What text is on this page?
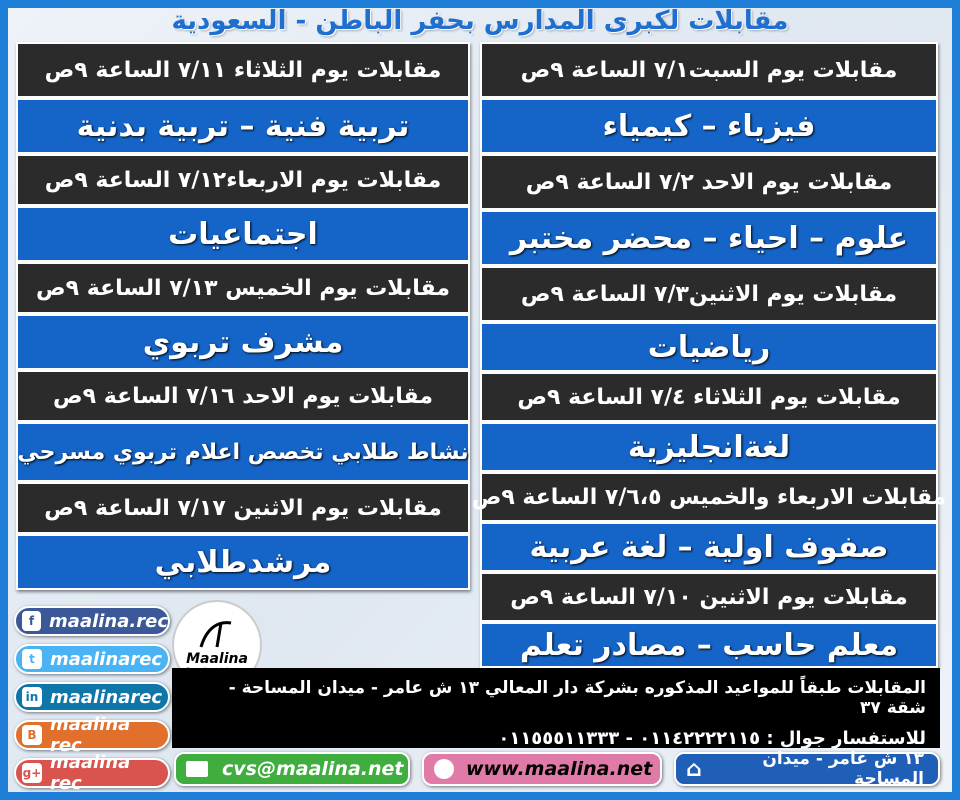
مقابلات لكبرى المدارس بحفر الباطن - السعودية
مقابلات يوم السبت٧/١ الساعة ٩ص
فيزياء – كيمياء
مقابلات يوم الاحد ٧/٢ الساعة ٩ص
علوم – احياء – محضر مختبر
مقابلات يوم الاثنين٧/٣ الساعة ٩ص
رياضيات
مقابلات يوم الثلاثاء ٧/٤ الساعة ٩ص
لغةانجليزية
مقابلات الاربعاء والخميس ٧/٦،٥ الساعة ٩ص
صفوف اولية – لغة عربية
مقابلات يوم الاثنين ٧/١٠ الساعة ٩ص
معلم حاسب – مصادر تعلم
مقابلات يوم الثلاثاء ٧/١١ الساعة ٩ص
تربية فنية – تربية بدنية
مقابلات يوم الاربعاء٧/١٢ الساعة ٩ص
اجتماعيات
مقابلات يوم الخميس ٧/١٣ الساعة ٩ص
مشرف تربوي
مقابلات يوم الاحد ٧/١٦ الساعة ٩ص
نشاط طلابي تخصص اعلام تربوي مسرحي
مقابلات يوم الاثنين ٧/١٧ الساعة ٩ص
مرشدطلابي
f maalina.rec
t maalinarec
in maalinarec
B maalina rec
g+ maalina rec
Maalina
المقابلات طبقاً للمواعيد المذكوره بشركة دار المعالي ١٣ ش عامر - ميدان المساحة - شقة ٣٧
للاستفسار جوال : ٠١١٤٢٢٢٢١١٥ - ٠١١٥٥٥١١٣٣٣
cvs@maalina.net	www.maalina.net	١٣ ش عامر - ميدان المساحة
⌂
